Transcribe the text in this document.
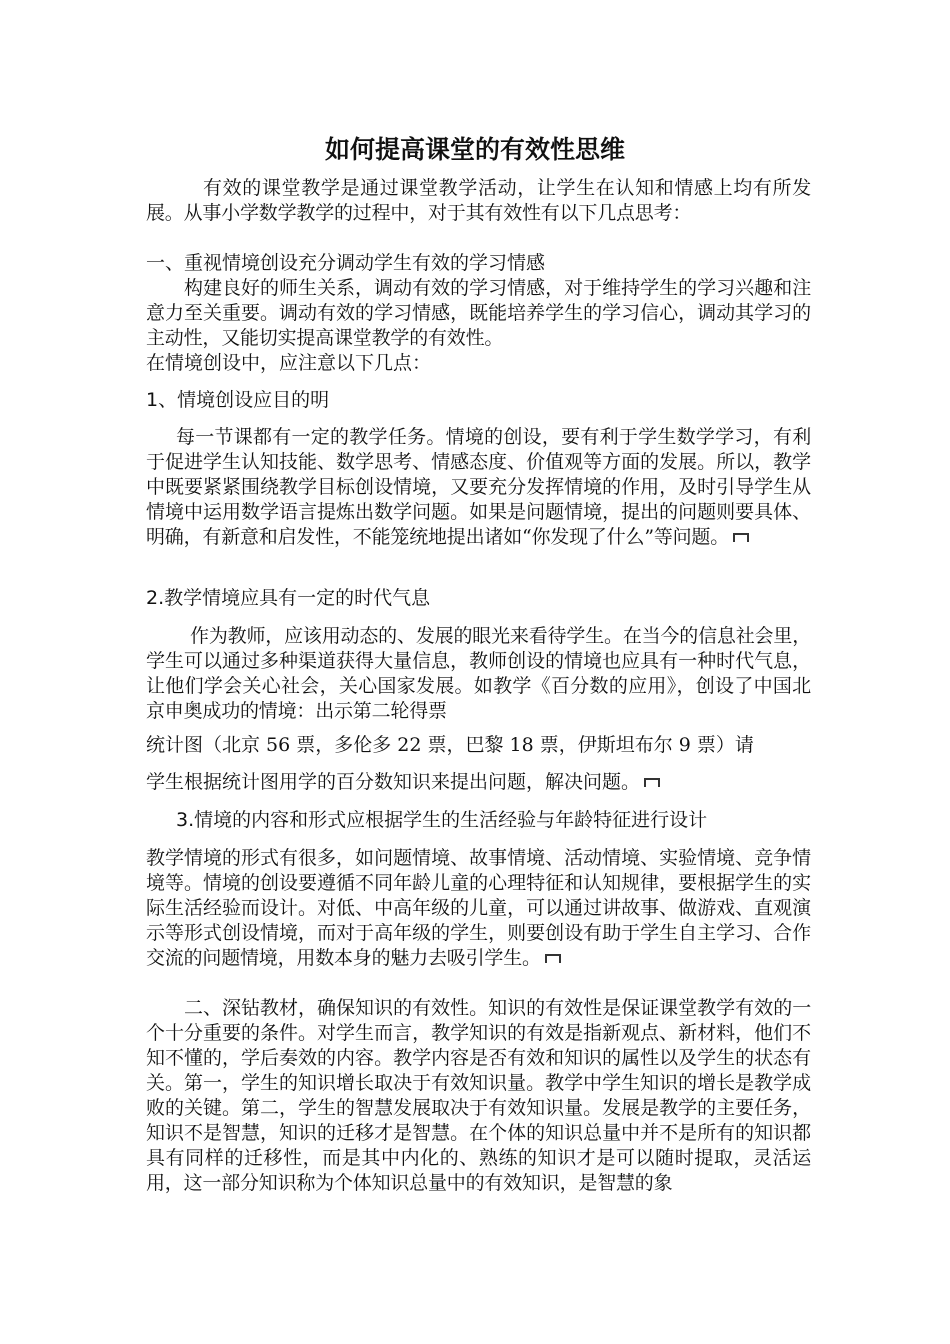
如何提高课堂的有效性思维

有效的课堂教学是通过课堂教学活动，让学生在认知和情感上均有所发展。从事小学数学教学的过程中，对于其有效性有以下几点思考：

一、重视情境创设充分调动学生有效的学习情感

构建良好的师生关系，调动有效的学习情感，对于维持学生的学习兴趣和注意力至关重要。调动有效的学习情感，既能培养学生的学习信心，调动其学习的主动性，又能切实提高课堂教学的有效性。

在情境创设中，应注意以下几点：

1、情境创设应目的明

每一节课都有一定的教学任务。情境的创设，要有利于学生数学学习，有利于促进学生认知技能、数学思考、情感态度、价值观等方面的发展。所以，教学中既要紧紧围绕教学目标创设情境，又要充分发挥情境的作用，及时引导学生从情境中运用数学语言提炼出数学问题。如果是问题情境，提出的问题则要具体、明确，有新意和启发性，不能笼统地提出诸如“你发现了什么”等问题。

2.教学情境应具有一定的时代气息

作为教师，应该用动态的、发展的眼光来看待学生。在当今的信息社会里，学生可以通过多种渠道获得大量信息，教师创设的情境也应具有一种时代气息，让他们学会关心社会，关心国家发展。如教学《百分数的应用》，创设了中国北京申奥成功的情境：出示第二轮得票

统计图（北京 56 票，多伦多 22 票，巴黎 18 票，伊斯坦布尔 9 票）请

学生根据统计图用学的百分数知识来提出问题，解决问题。

3.情境的内容和形式应根据学生的生活经验与年龄特征进行设计

教学情境的形式有很多，如问题情境、故事情境、活动情境、实验情境、竞争情境等。情境的创设要遵循不同年龄儿童的心理特征和认知规律，要根据学生的实际生活经验而设计。对低、中高年级的儿童，可以通过讲故事、做游戏、直观演示等形式创设情境，而对于高年级的学生，则要创设有助于学生自主学习、合作交流的问题情境，用数本身的魅力去吸引学生。

二、深钻教材，确保知识的有效性。知识的有效性是保证课堂教学有效的一个十分重要的条件。对学生而言，教学知识的有效是指新观点、新材料，他们不知不懂的，学后奏效的内容。教学内容是否有效和知识的属性以及学生的状态有关。第一，学生的知识增长取决于有效知识量。教学中学生知识的增长是教学成败的关键。第二，学生的智慧发展取决于有效知识量。发展是教学的主要任务，知识不是智慧，知识的迁移才是智慧。在个体的知识总量中并不是所有的知识都具有同样的迁移性，而是其中内化的、熟练的知识才是可以随时提取，灵活运用，这一部分知识称为个体知识总量中的有效知识，是智慧的象
